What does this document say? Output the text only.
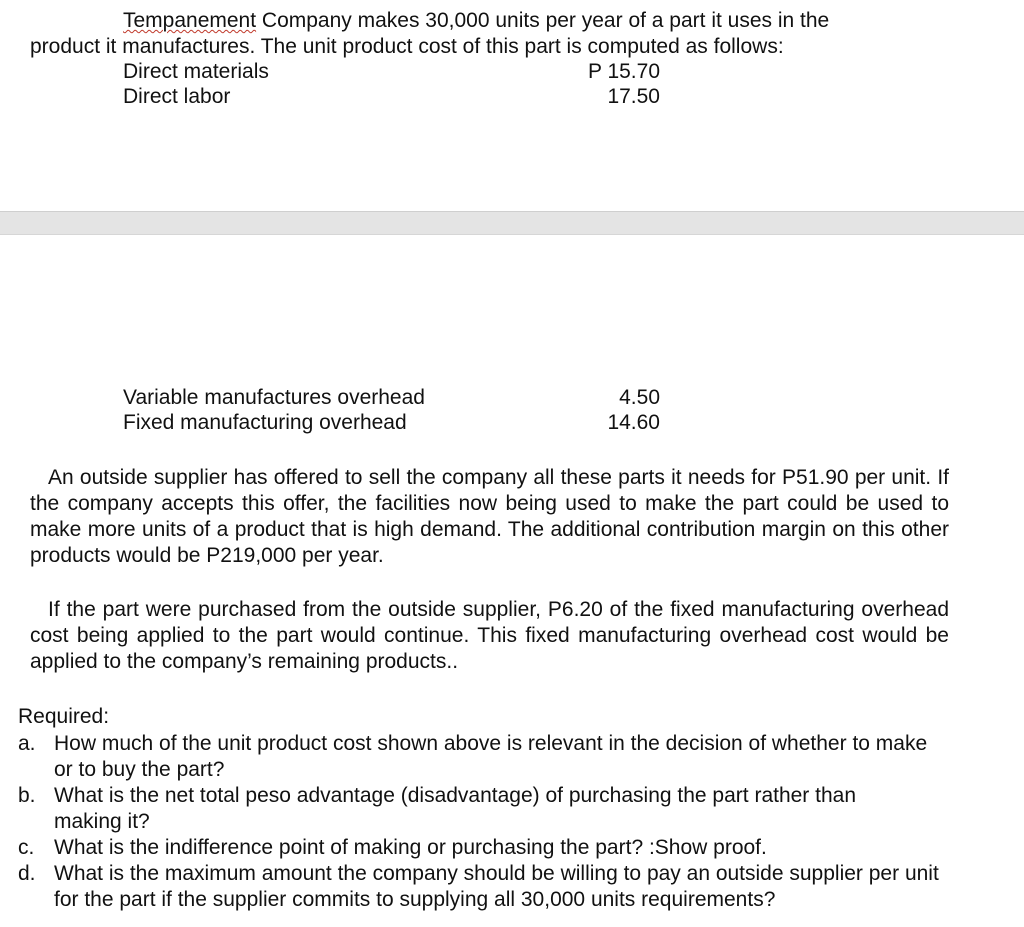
Tempanement Company makes 30,000 units per year of a part it uses in the
product it manufactures. The unit product cost of this part is computed as follows:
Direct materials	P 15.70
Direct labor	17.50
Variable manufactures overhead	4.50
Fixed manufacturing overhead	14.60
An outside supplier has offered to sell the company all these parts it needs for P51.90 per unit. If the company accepts this offer, the facilities now being used to make the part could be used to make more units of a product that is high demand. The additional contribution margin on this other products would be P219,000 per year.
If the part were purchased from the outside supplier, P6.20 of the fixed manufacturing overhead cost being applied to the part would continue. This fixed manufacturing overhead cost would be applied to the company’s remaining products..
Required:
a. How much of the unit product cost shown above is relevant in the decision of whether to make or to buy the part?
b. What is the net total peso advantage (disadvantage) of purchasing the part rather than making it?
c. What is the indifference point of making or purchasing the part? :Show proof.
d. What is the maximum amount the company should be willing to pay an outside supplier per unit for the part if the supplier commits to supplying all 30,000 units requirements?
